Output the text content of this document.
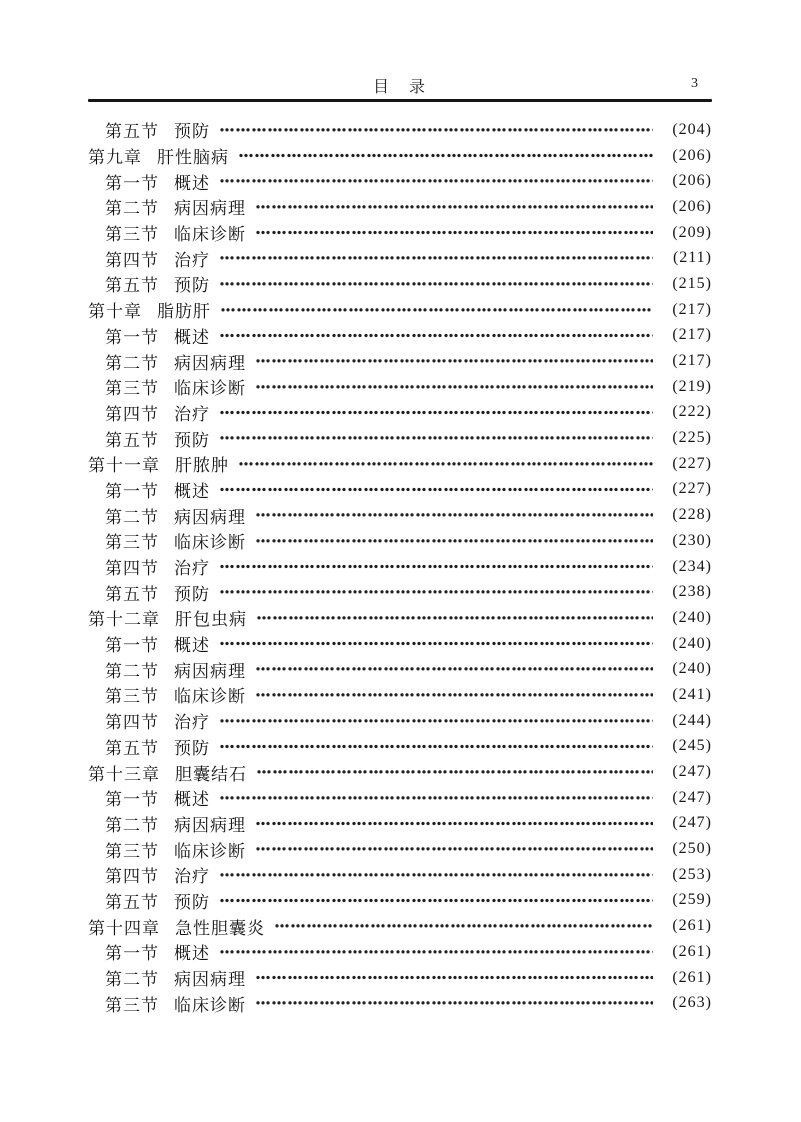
目　录	3
第五节 预防	(204)
第九章 肝性脑病	(206)
第一节 概述	(206)
第二节 病因病理	(206)
第三节 临床诊断	(209)
第四节 治疗	(211)
第五节 预防	(215)
第十章 脂肪肝	(217)
第一节 概述	(217)
第二节 病因病理	(217)
第三节 临床诊断	(219)
第四节 治疗	(222)
第五节 预防	(225)
第十一章 肝脓肿	(227)
第一节 概述	(227)
第二节 病因病理	(228)
第三节 临床诊断	(230)
第四节 治疗	(234)
第五节 预防	(238)
第十二章 肝包虫病	(240)
第一节 概述	(240)
第二节 病因病理	(240)
第三节 临床诊断	(241)
第四节 治疗	(244)
第五节 预防	(245)
第十三章 胆囊结石	(247)
第一节 概述	(247)
第二节 病因病理	(247)
第三节 临床诊断	(250)
第四节 治疗	(253)
第五节 预防	(259)
第十四章 急性胆囊炎	(261)
第一节 概述	(261)
第二节 病因病理	(261)
第三节 临床诊断	(263)
